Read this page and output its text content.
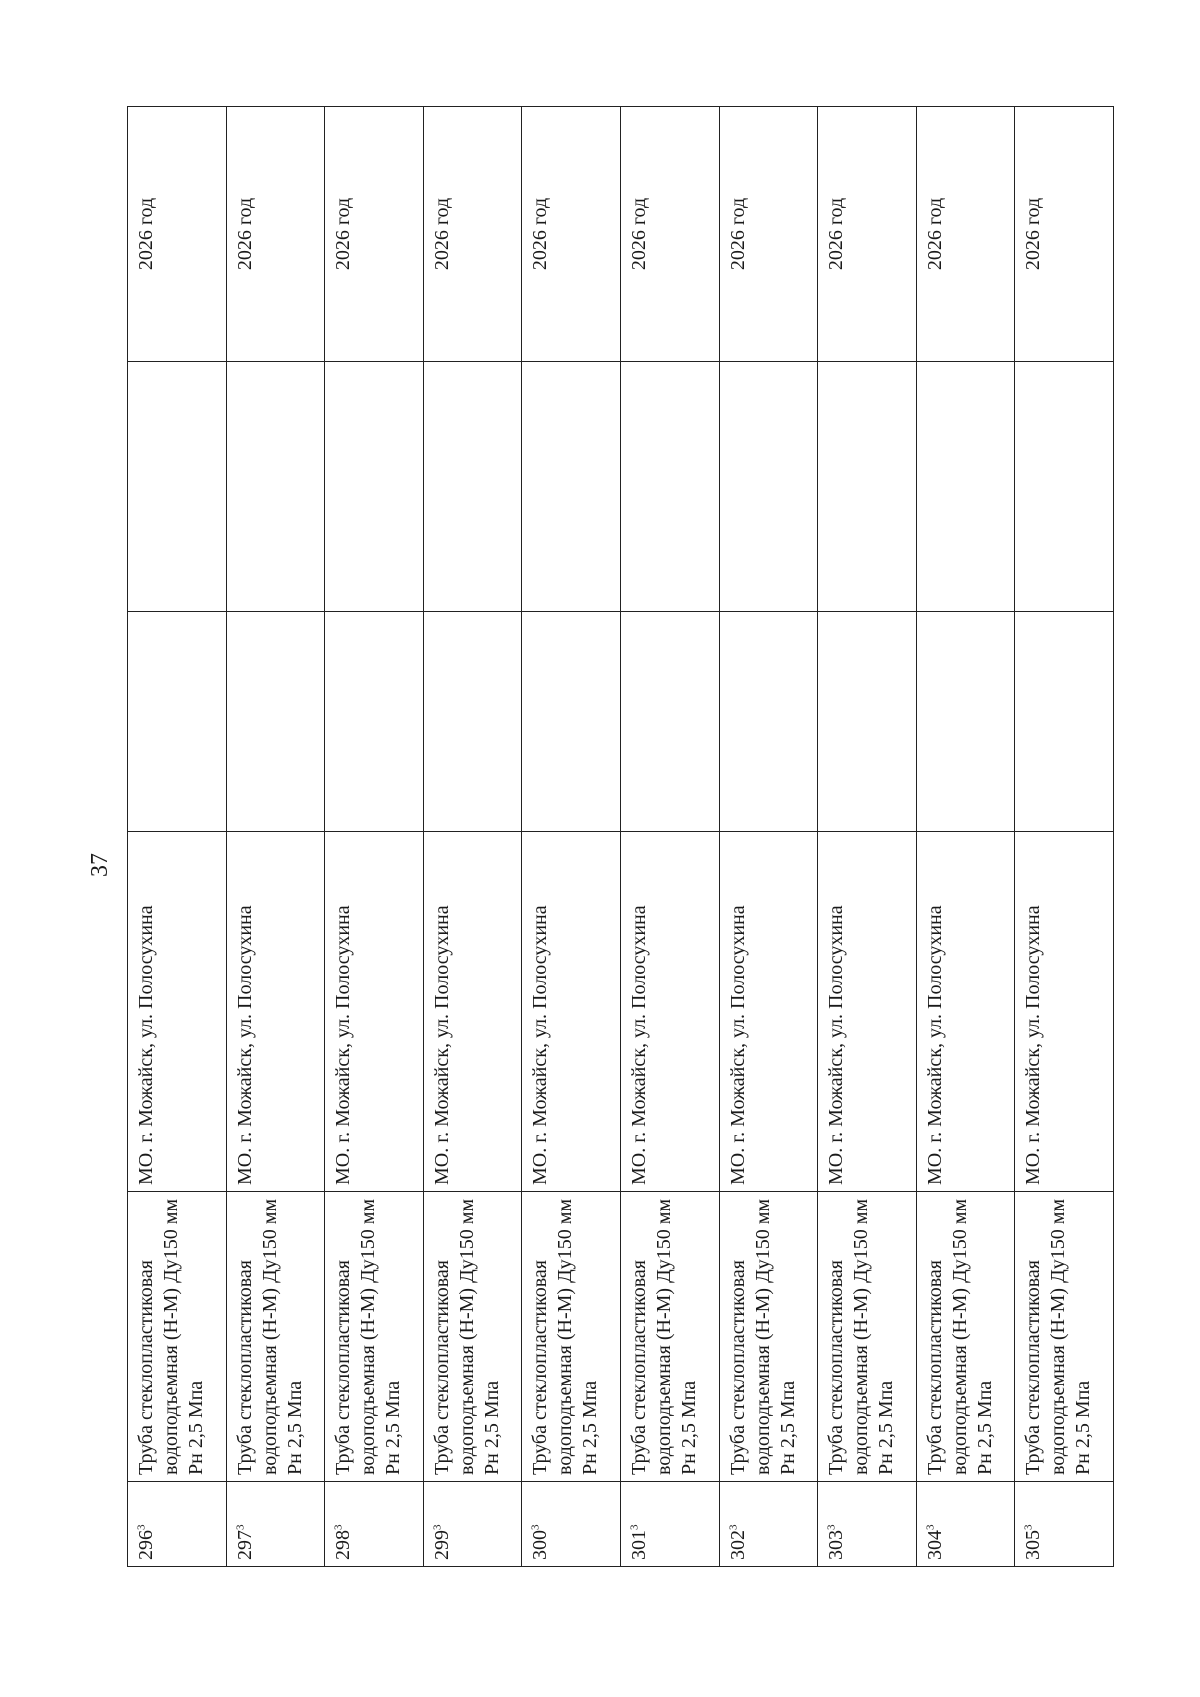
37
$296^3$	Труба стеклопластиковая водоподъемная (Н-М) Ду150 мм Рн 2,5 Мпа	МО. г. Можайск, ул. Полосухина			2026 год
$297^3$	Труба стеклопластиковая водоподъемная (Н-М) Ду150 мм Рн 2,5 Мпа	МО. г. Можайск, ул. Полосухина			2026 год
$298^3$	Труба стеклопластиковая водоподъемная (Н-М) Ду150 мм Рн 2,5 Мпа	МО. г. Можайск, ул. Полосухина			2026 год
$299^3$	Труба стеклопластиковая водоподъемная (Н-М) Ду150 мм Рн 2,5 Мпа	МО. г. Можайск, ул. Полосухина			2026 год
$300^3$	Труба стеклопластиковая водоподъемная (Н-М) Ду150 мм Рн 2,5 Мпа	МО. г. Можайск, ул. Полосухина			2026 год
$301^3$	Труба стеклопластиковая водоподъемная (Н-М) Ду150 мм Рн 2,5 Мпа	МО. г. Можайск, ул. Полосухина			2026 год
$302^3$	Труба стеклопластиковая водоподъемная (Н-М) Ду150 мм Рн 2,5 Мпа	МО. г. Можайск, ул. Полосухина			2026 год
$303^3$	Труба стеклопластиковая водоподъемная (Н-М) Ду150 мм Рн 2,5 Мпа	МО. г. Можайск, ул. Полосухина			2026 год
$304^3$	Труба стеклопластиковая водоподъемная (Н-М) Ду150 мм Рн 2,5 Мпа	МО. г. Можайск, ул. Полосухина			2026 год
$305^3$	Труба стеклопластиковая водоподъемная (Н-М) Ду150 мм Рн 2,5 Мпа	МО. г. Можайск, ул. Полосухина			2026 год
